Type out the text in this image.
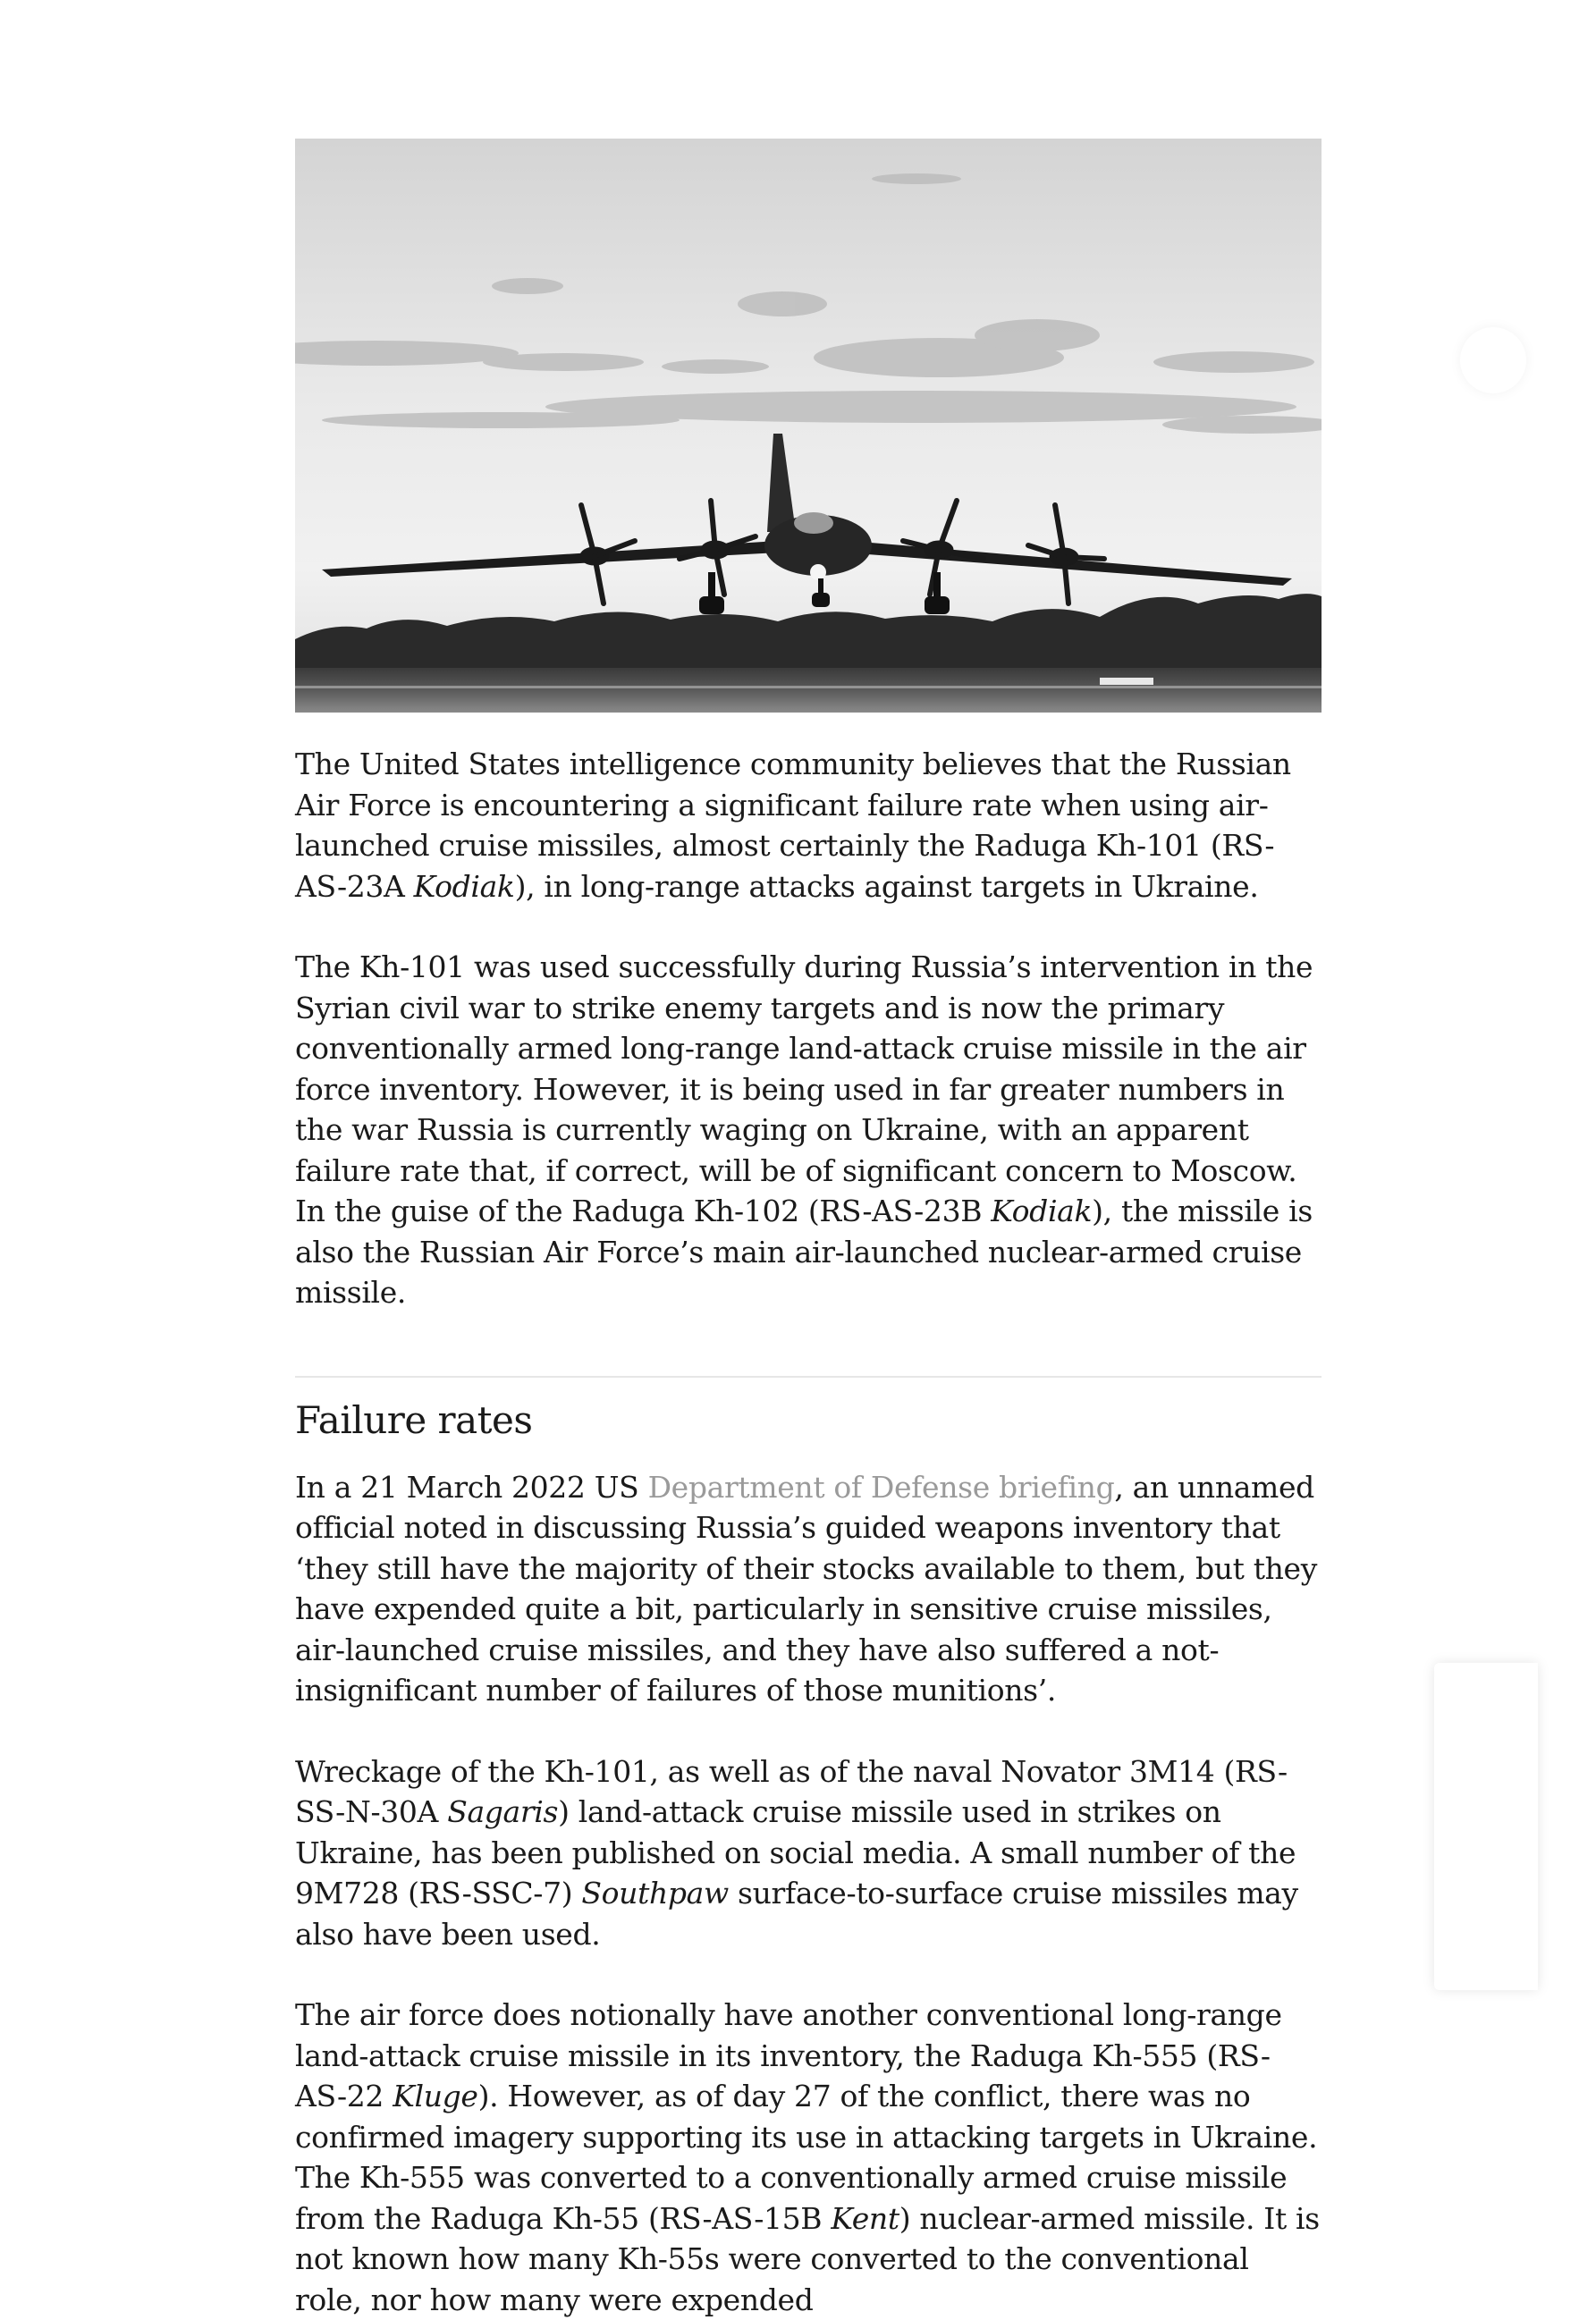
The United States intelligence community believes that the Russian Air Force is encountering a significant failure rate when using air-launched cruise missiles, almost certainly the Raduga Kh-101 (RS-AS-23A Kodiak), in long-range attacks against targets in Ukraine.

The Kh-101 was used successfully during Russia’s intervention in the Syrian civil war to strike enemy targets and is now the primary conventionally armed long-range land-attack cruise missile in the air force inventory. However, it is being used in far greater numbers in the war Russia is currently waging on Ukraine, with an apparent failure rate that, if correct, will be of significant concern to Moscow. In the guise of the Raduga Kh-102 (RS-AS-23B Kodiak), the missile is also the Russian Air Force’s main air-launched nuclear-armed cruise missile.

Failure rates

In a 21 March 2022 US Department of Defense briefing, an unnamed official noted in discussing Russia’s guided weapons inventory that ‘they still have the majority of their stocks available to them, but they have expended quite a bit, particularly in sensitive cruise missiles, air-launched cruise missiles, and they have also suffered a not-insignificant number of failures of those munitions’.

Wreckage of the Kh-101, as well as of the naval Novator 3M14 (RS-SS-N-30A Sagaris) land-attack cruise missile used in strikes on Ukraine, has been published on social media. A small number of the 9M728 (RS-SSC-7) Southpaw surface-to-surface cruise missiles may also have been used.

The air force does notionally have another conventional long-range land-attack cruise missile in its inventory, the Raduga Kh-555 (RS-AS-22 Kluge). However, as of day 27 of the conflict, there was no confirmed imagery supporting its use in attacking targets in Ukraine. The Kh-555 was converted to a conventionally armed cruise missile from the Raduga Kh-55 (RS-AS-15B Kent) nuclear-armed missile. It is not known how many Kh-55s were converted to the conventional role, nor how many were expended
